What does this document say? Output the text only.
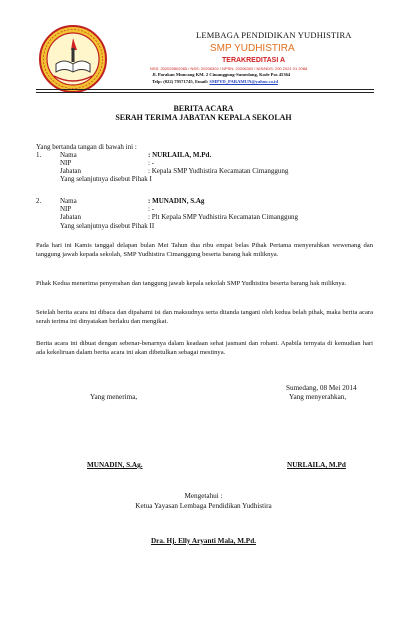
LEMBAGA PENDIDIKAN YUDHISTIRA
SMP YUDHISTIRA
TERAKREDITASI A
NSS: 202020802065 / NSS: 20206302 / NPSN: 20206302 / NIS/NDS: 200 2021 01 2088
Jl. Parakan Muncang KM. 2 Cimanggung-Sumedang, Kode Pos 45364
Telp: (022) 79571745, Email: SMPYD_PARAMUN@yahoo.co.id
BERITA ACARA
SERAH TERIMA JABATAN KEPALA SEKOLAH
Yang bertanda tangan di bawah ini :
1.	Nama	: NURLAILA, M.Pd.
NIP	: -
Jabatan	: Kepala SMP Yudhistira Kecamatan Cimanggung
Yang selanjutnya disebut Pihak I
2.	Nama	: MUNADIN, S.Ag
NIP	: -
Jabatan	: Plt Kepala SMP Yudhistira Kecamatan Cimanggung
Yang selanjutnya disebut Pihak II
Pada hari ini Kamis tanggal delapan bulan Mei Tahun dua ribu empat belas Pihak Pertama menyerahkan wewenang dan tanggung jawab kepada sekolah, SMP Yudhistira Cimanggung beserta barang hak miliknya.
Pihak Kedua menerima penyerahan dan tanggung jawab kepala sekolah SMP Yudhistira beserta barang hak miliknya.
Setelah berita acara ini dibaca dan dipahami isi dan maksudnya serta ditanda tangani oleh kedua belah pihak, maka berita acara serah terima ini dinyatakan berlaku dan mengikat.
Berita acara ini dibuat dengan sebenar-benarnya dalam keadaan sehat jasmani dan rohani. Apabila ternyata di kemudian hari ada kekeliruan dalam berita acara ini akan dibetulkan sebagai mestinya.
Sumedang, 08 Mei 2014
Yang menerima,	Yang menyerahkan,
MUNADIN, S.Ag.	NURLAILA, M.Pd
Mengetahui :
Ketua Yayasan Lembaga Pendidikan Yudhistira
Dra. Hj. Elly Aryanti Mala, M.Pd.
